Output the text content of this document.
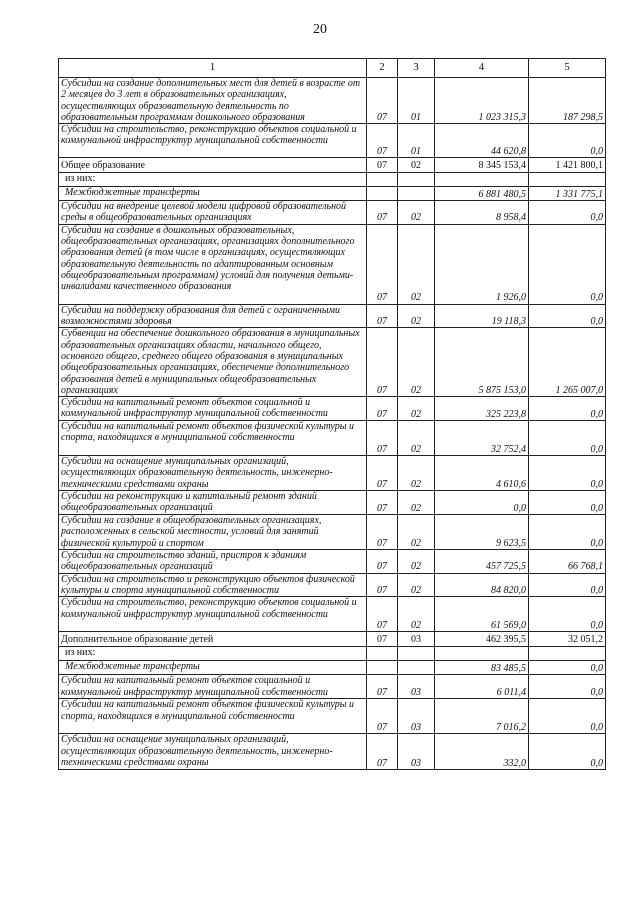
20
1	2	3	4	5
Субсидии на создание дополнительных мест для детей в возрасте от 2 месяцев до 3 лет в образовательных организациях, осуществляющих образовательную деятельность по образовательным программам дошкольного образования	07	01	1 023 315,3	187 298,5
Субсидии на строительство, реконструкцию объектов социальной и коммунальной инфраструктур муниципальной собственности	07	01	44 620,8	0,0
Общее образование	07	02	8 345 153,4	1 421 800,1
из них:				
Межбюджетные трансферты			6 881 480,5	1 331 775,1
Субсидии на внедрение целевой модели цифровой образовательной среды в общеобразовательных организациях	07	02	8 958,4	0,0
Субсидии на создание в дошкольных образовательных, общеобразовательных организациях, организациях дополнительного образования детей (в том числе в организациях, осуществляющих образовательную деятельность по адаптированным основным общеобразовательным программам) условий для получения детьми-инвалидами качественного образования	07	02	1 926,0	0,0
Субсидии на поддержку образования для детей с ограниченными возможностями здоровья	07	02	19 118,3	0,0
Субвенции на обеспечение дошкольного образования в муниципальных образовательных организациях области, начального общего, основного общего, среднего общего образования в муниципальных общеобразовательных организациях, обеспечение дополнительного образования детей в муниципальных общеобразовательных организациях	07	02	5 875 153,0	1 265 007,0
Субсидии на капитальный ремонт объектов социальной и коммунальной инфраструктур муниципальной собственности	07	02	325 223,8	0,0
Субсидии на капитальный ремонт объектов физической культуры и спорта, находящихся в муниципальной собственности	07	02	32 752,4	0,0
Субсидии на оснащение муниципальных организаций, осуществляющих образовательную деятельность, инженерно-техническими средствами охраны	07	02	4 610,6	0,0
Субсидии на реконструкцию и капитальный ремонт зданий общеобразовательных организаций	07	02	0,0	0,0
Субсидии на создание в общеобразовательных организациях, расположенных в сельской местности, условий для занятий физической культурой и спортом	07	02	9 623,5	0,0
Субсидии на строительство зданий, пристроя к зданиям общеобразовательных организаций	07	02	457 725,5	66 768,1
Субсидии на строительство и реконструкцию объектов физической культуры и спорта муниципальной собственности	07	02	84 820,0	0,0
Субсидии на строительство, реконструкцию объектов социальной и коммунальной инфраструктур муниципальной собственности	07	02	61 569,0	0,0
Дополнительное образование детей	07	03	462 395,5	32 051,2
из них:				
Межбюджетные трансферты			83 485,5	0,0
Субсидии на капитальный ремонт объектов социальной и коммунальной инфраструктур муниципальной собственности	07	03	6 011,4	0,0
Субсидии на капитальный ремонт объектов физической культуры и спорта, находящихся в муниципальной собственности	07	03	7 016,2	0,0
Субсидии на оснащение муниципальных организаций, осуществляющих образовательную деятельность, инженерно-техническими средствами охраны	07	03	332,0	0,0
